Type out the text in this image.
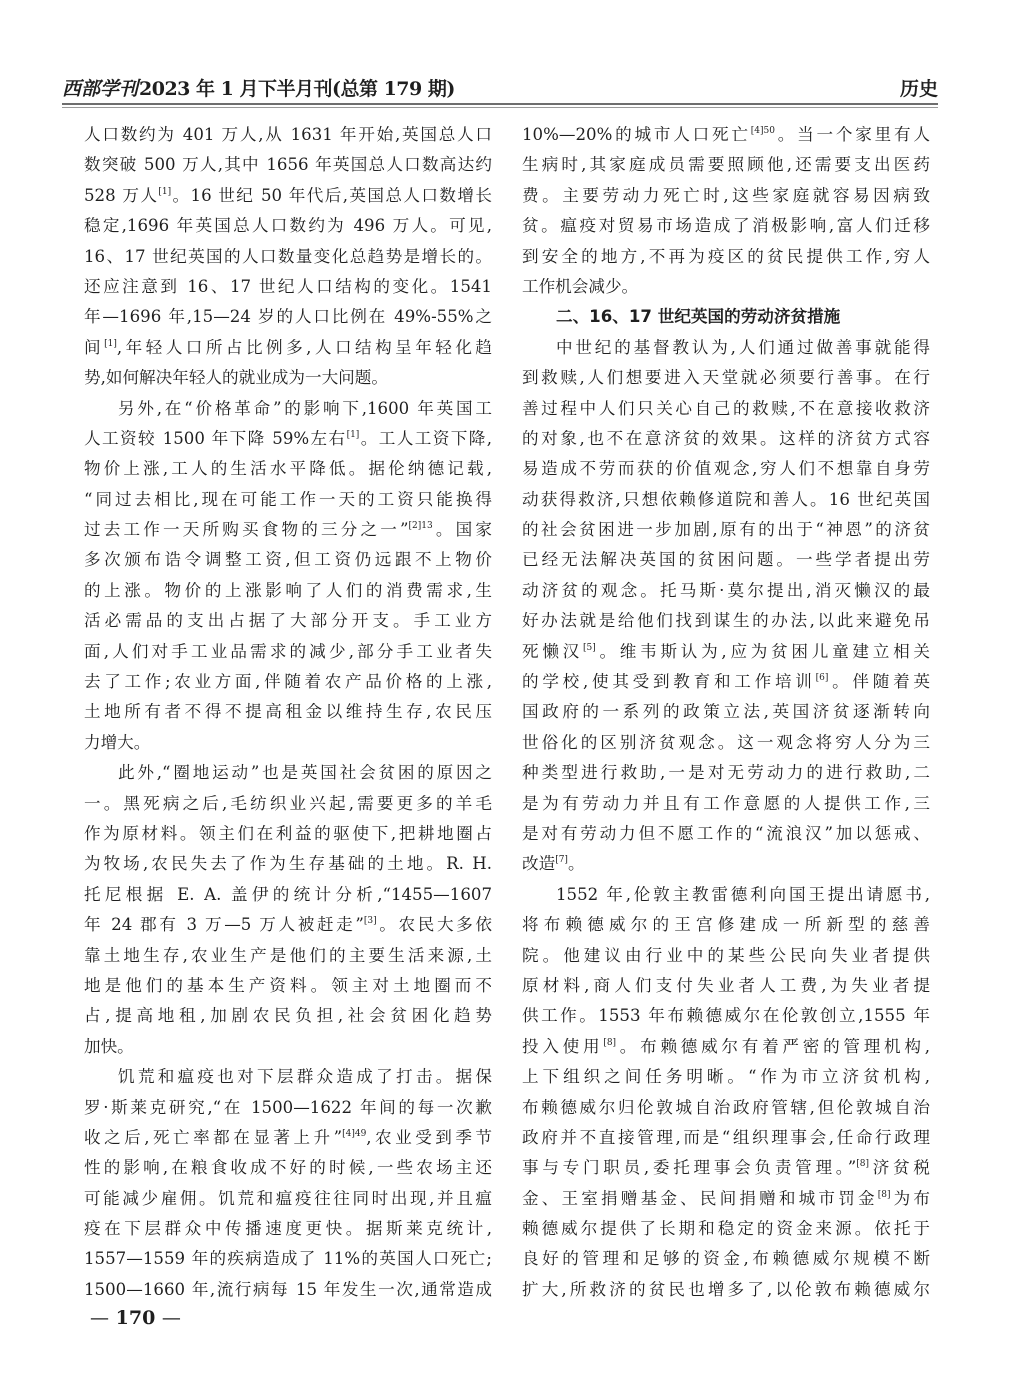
西部学刊2023 年 1 月下半月刊(总第 179 期)	历史
人口数约为 401 万人,从 1631 年开始,英国总人口
数突破 500 万人,其中 1656 年英国总人口数高达约
528 万人[1]。16 世纪 50 年代后,英国总人口数增长
稳定,1696 年英国总人口数约为 496 万人。可见,
16、17 世纪英国的人口数量变化总趋势是增长的。
还应注意到 16、17 世纪人口结构的变化。1541
年—1696 年,15—24 岁的人口比例在 49%-55%之
间[1],年轻人口所占比例多,人口结构呈年轻化趋
势,如何解决年轻人的就业成为一大问题。
另外,在“价格革命”的影响下,1600 年英国工
人工资较 1500 年下降 59%左右[1]。工人工资下降,
物价上涨,工人的生活水平降低。据伦纳德记载,
“同过去相比,现在可能工作一天的工资只能换得
过去工作一天所购买食物的三分之一”$^{[2]13}$。国家
多次颁布诰令调整工资,但工资仍远跟不上物价
的上涨。物价的上涨影响了人们的消费需求,生
活必需品的支出占据了大部分开支。手工业方
面,人们对手工业品需求的减少,部分手工业者失
去了工作;农业方面,伴随着农产品价格的上涨,
土地所有者不得不提高租金以维持生存,农民压
力增大。
此外,“圈地运动”也是英国社会贫困的原因之
一。黑死病之后,毛纺织业兴起,需要更多的羊毛
作为原材料。领主们在利益的驱使下,把耕地圈占
为牧场,农民失去了作为生存基础的土地。R. H.
托尼根据 E. A. 盖伊的统计分析,“1455—1607
年 24 郡有 3 万—5 万人被赶走”[3]。农民大多依
靠土地生存,农业生产是他们的主要生活来源,土
地是他们的基本生产资料。领主对土地圈而不
占,提高地租,加剧农民负担,社会贫困化趋势
加快。
饥荒和瘟疫也对下层群众造成了打击。据保
罗·斯莱克研究,“在 1500—1622 年间的每一次歉
收之后,死亡率都在显著上升”$^{[4]49}$,农业受到季节
性的影响,在粮食收成不好的时候,一些农场主还
可能减少雇佣。饥荒和瘟疫往往同时出现,并且瘟
疫在下层群众中传播速度更快。据斯莱克统计,
1557—1559 年的疾病造成了 11%的英国人口死亡;
1500—1660 年,流行病每 15 年发生一次,通常造成
10%—20%的城市人口死亡$^{[4]50}$。当一个家里有人
生病时,其家庭成员需要照顾他,还需要支出医药
费。主要劳动力死亡时,这些家庭就容易因病致
贫。瘟疫对贸易市场造成了消极影响,富人们迁移
到安全的地方,不再为疫区的贫民提供工作,穷人
工作机会减少。
二、16、17 世纪英国的劳动济贫措施
中世纪的基督教认为,人们通过做善事就能得
到救赎,人们想要进入天堂就必须要行善事。在行
善过程中人们只关心自己的救赎,不在意接收救济
的对象,也不在意济贫的效果。这样的济贫方式容
易造成不劳而获的价值观念,穷人们不想靠自身劳
动获得救济,只想依赖修道院和善人。16 世纪英国
的社会贫困进一步加剧,原有的出于“神恩”的济贫
已经无法解决英国的贫困问题。一些学者提出劳
动济贫的观念。托马斯·莫尔提出,消灭懒汉的最
好办法就是给他们找到谋生的办法,以此来避免吊
死懒汉[5]。维韦斯认为,应为贫困儿童建立相关
的学校,使其受到教育和工作培训[6]。伴随着英
国政府的一系列的政策立法,英国济贫逐渐转向
世俗化的区别济贫观念。这一观念将穷人分为三
种类型进行救助,一是对无劳动力的进行救助,二
是为有劳动力并且有工作意愿的人提供工作,三
是对有劳动力但不愿工作的“流浪汉”加以惩戒、
改造[7]。
1552 年,伦敦主教雷德利向国王提出请愿书,
将布赖德威尔的王宫修建成一所新型的慈善
院。他建议由行业中的某些公民向失业者提供
原材料,商人们支付失业者人工费,为失业者提
供工作。1553 年布赖德威尔在伦敦创立,1555 年
投入使用[8]。布赖德威尔有着严密的管理机构,
上下组织之间任务明晰。“作为市立济贫机构,
布赖德威尔归伦敦城自治政府管辖,但伦敦城自治
政府并不直接管理,而是“组织理事会,任命行政理
事与专门职员,委托理事会负责管理。”[8]济贫税
金、王室捐赠基金、民间捐赠和城市罚金[8]为布
赖德威尔提供了长期和稳定的资金来源。依托于
良好的管理和足够的资金,布赖德威尔规模不断
扩大,所救济的贫民也增多了,以伦敦布赖德威尔
— 170 —
